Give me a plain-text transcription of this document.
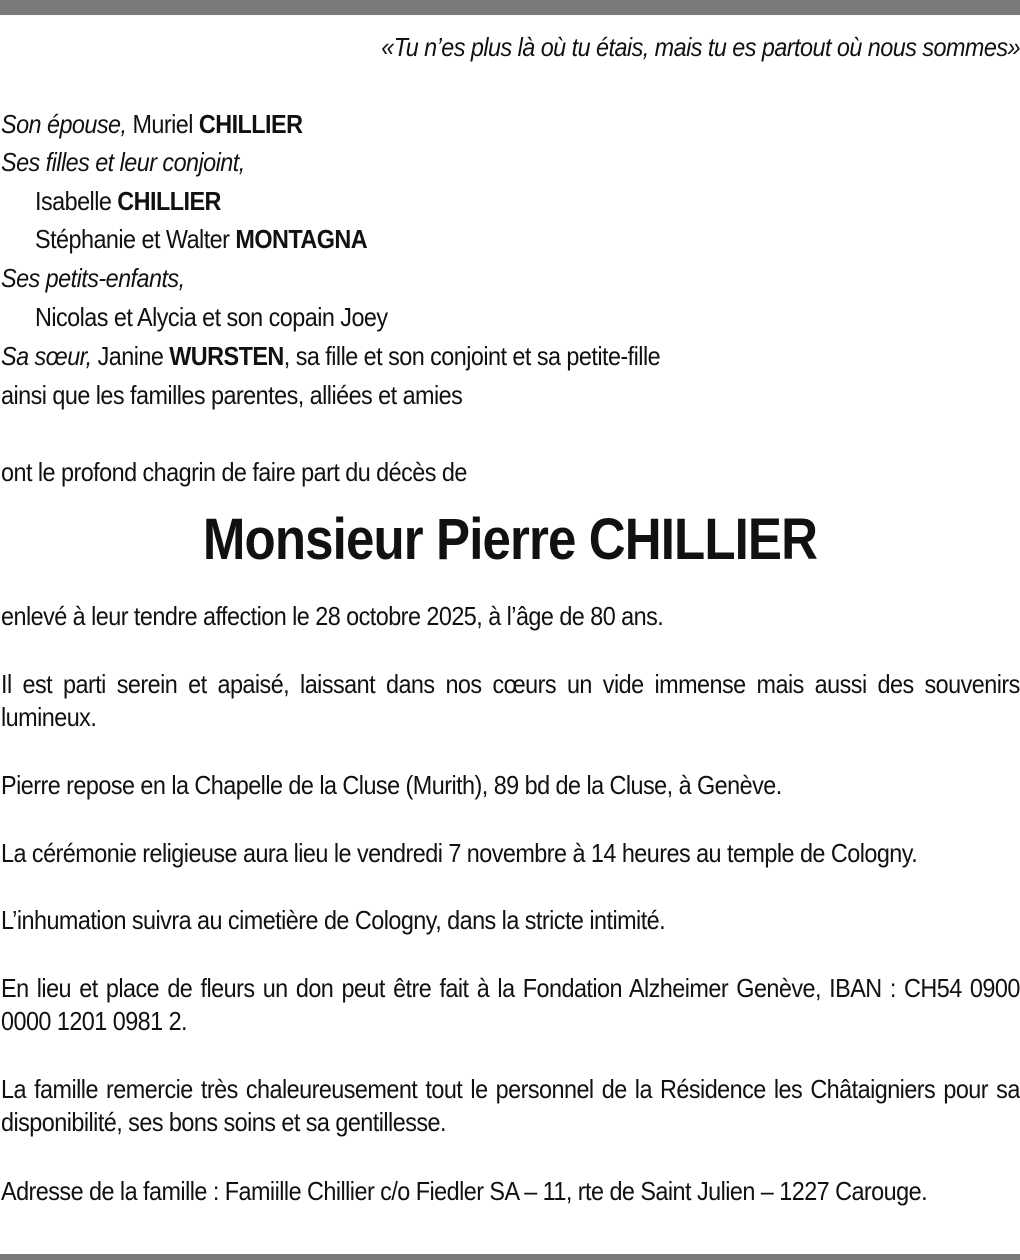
«Tu n’es plus là où tu étais, mais tu es partout où nous sommes»
Son épouse, Muriel CHILLIER
Ses filles et leur conjoint,
Isabelle CHILLIER
Stéphanie et Walter MONTAGNA
Ses petits-enfants,
Nicolas et Alycia et son copain Joey
Sa sœur, Janine WURSTEN, sa fille et son conjoint et sa petite-fille
ainsi que les familles parentes, alliées et amies
ont le profond chagrin de faire part du décès de
Monsieur Pierre CHILLIER
enlevé à leur tendre affection le 28 octobre 2025, à l’âge de 80 ans.
Il est parti serein et apaisé, laissant dans nos cœurs un vide immense mais aussi des souvenirs lumineux.
Pierre repose en la Chapelle de la Cluse (Murith), 89 bd de la Cluse, à Genève.
La cérémonie religieuse aura lieu le vendredi 7 novembre à 14 heures au temple de Cologny.
L’inhumation suivra au cimetière de Cologny, dans la stricte intimité.
En lieu et place de fleurs un don peut être fait à la Fondation Alzheimer Genève, IBAN : CH54 0900 0000 1201 0981 2.
La famille remercie très chaleureusement tout le personnel de la Résidence les Châtaigniers pour sa disponibilité, ses bons soins et sa gentillesse.
Adresse de la famille : Famiille Chillier c/o Fiedler SA – 11, rte de Saint Julien – 1227 Carouge.
